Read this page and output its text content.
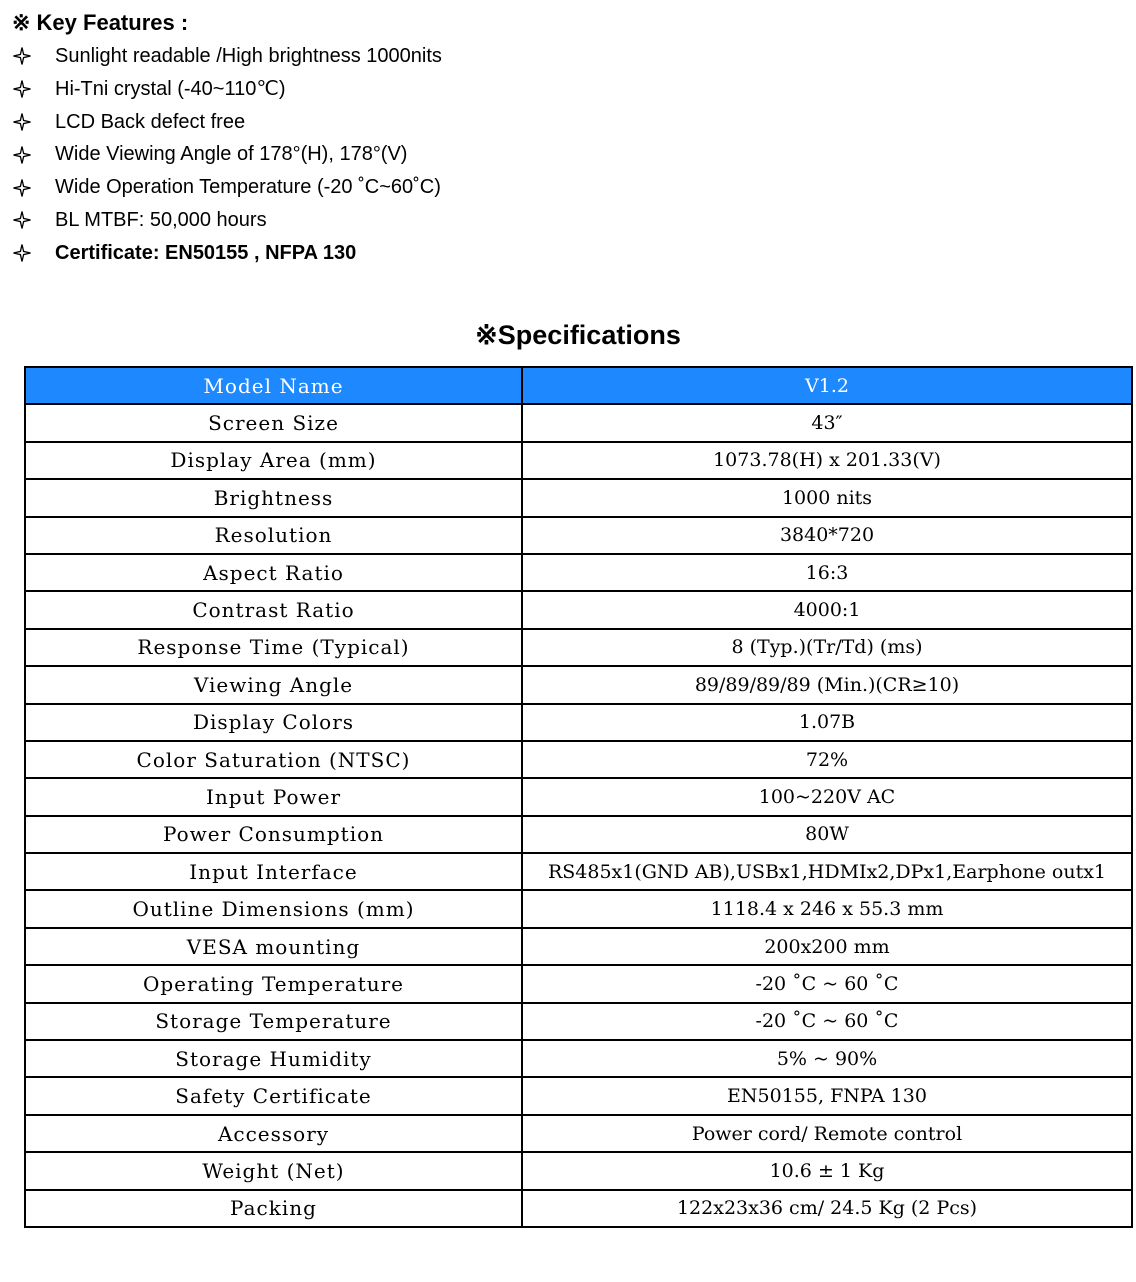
※ Key Features :
Sunlight readable /High brightness 1000nits
Hi-Tni crystal (-40~110℃)
LCD Back defect free
Wide Viewing Angle of 178°(H), 178°(V)
Wide Operation Temperature (-20 ˚C~60˚C)
BL MTBF: 50,000 hours
Certificate: EN50155 , NFPA 130
※Specifications
Model Name	V1.2
Screen Size	43″
Display Area (mm)	1073.78(H) x 201.33(V)
Brightness	1000 nits
Resolution	3840*720
Aspect Ratio	16:3
Contrast Ratio	4000:1
Response Time (Typical)	8 (Typ.)(Tr/Td) (ms)
Viewing Angle	89/89/89/89 (Min.)(CR≥10)
Display Colors	1.07B
Color Saturation (NTSC)	72%
Input Power	100~220V AC
Power Consumption	80W
Input Interface	RS485x1(GND AB),USBx1,HDMIx2,DPx1,Earphone outx1
Outline Dimensions (mm)	1118.4 x 246 x 55.3 mm
VESA mounting	200x200 mm
Operating Temperature	-20 ˚C ~ 60 ˚C
Storage Temperature	-20 ˚C ~ 60 ˚C
Storage Humidity	5% ~ 90%
Safety Certificate	EN50155, FNPA 130
Accessory	Power cord/ Remote control
Weight (Net)	10.6 ± 1 Kg
Packing	122x23x36 cm/ 24.5 Kg (2 Pcs)
